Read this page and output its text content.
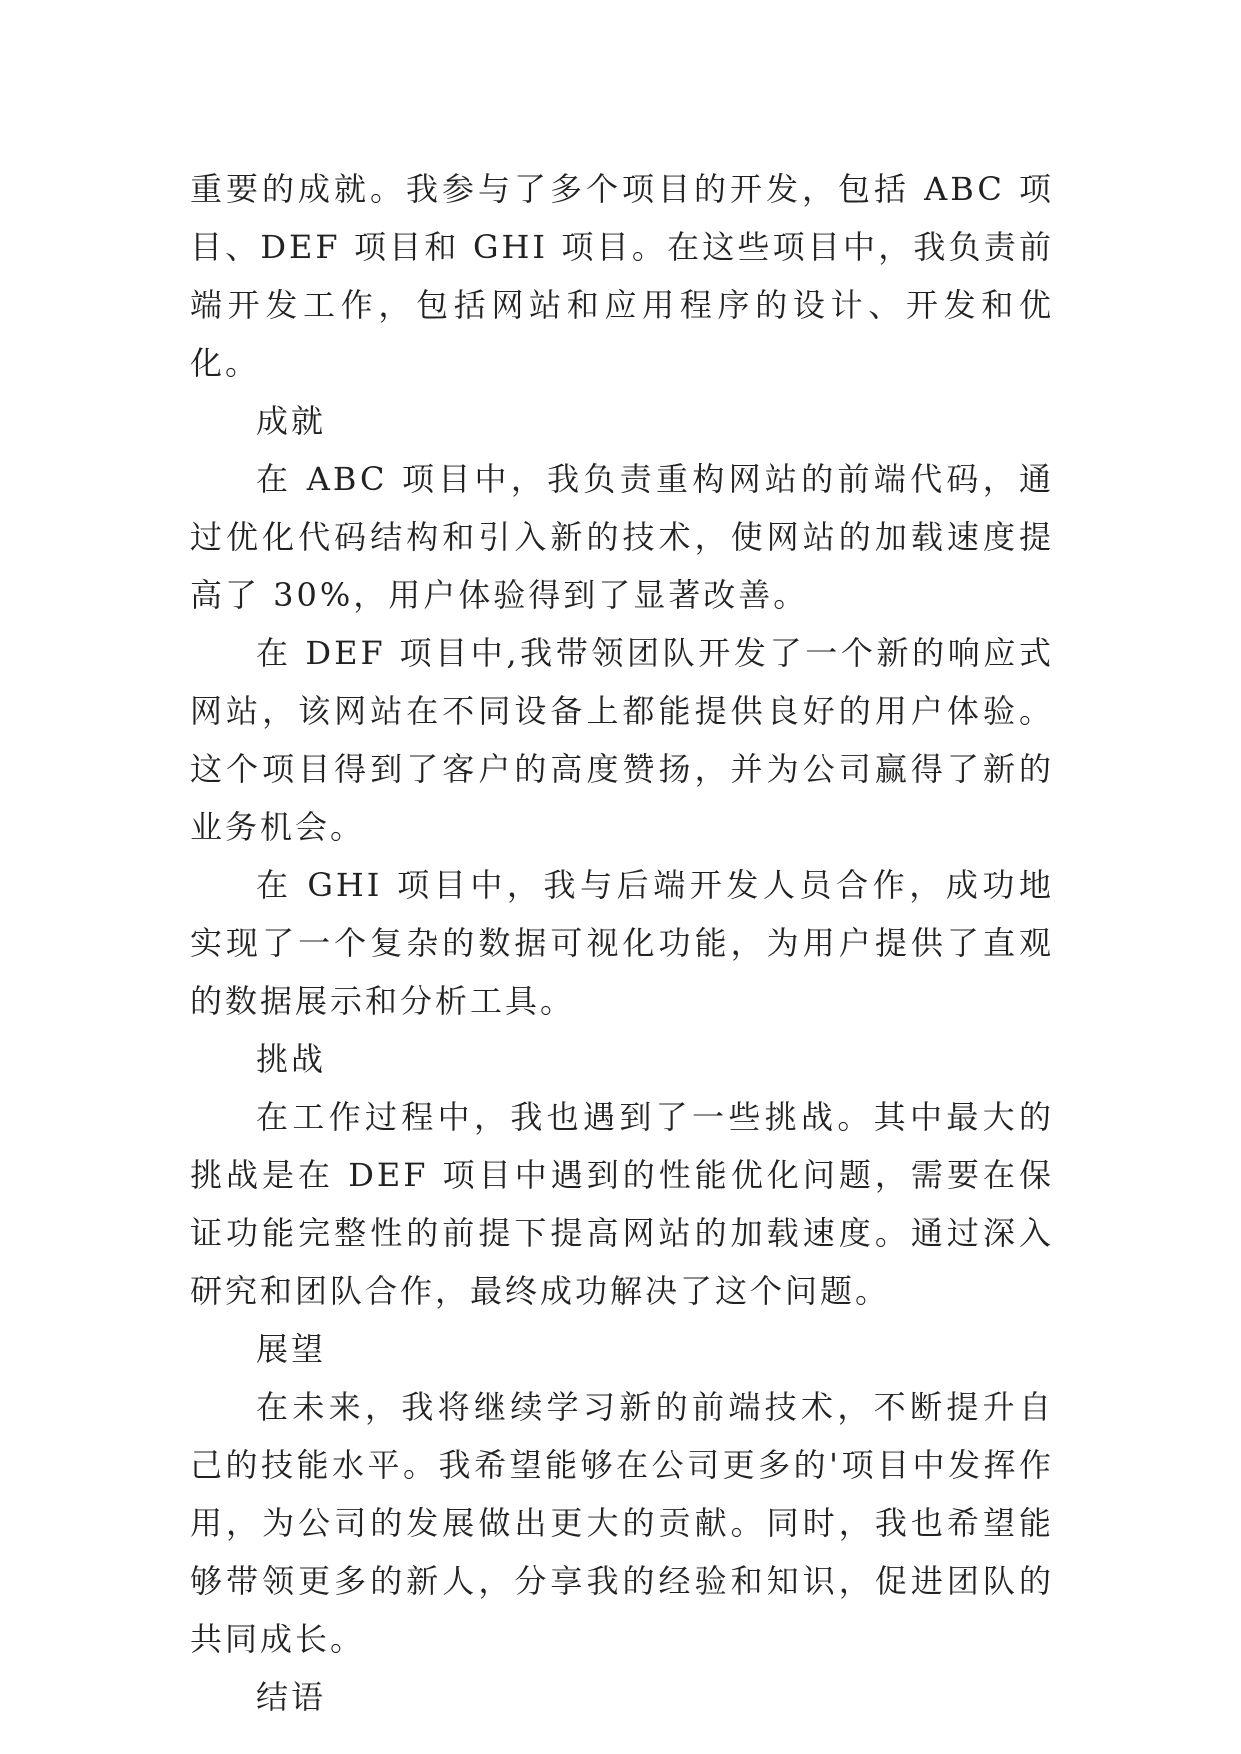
重要的成就。我参与了多个项目的开发，包括 ABC 项目、DEF 项目和 GHI 项目。在这些项目中，我负责前端开发工作，包括网站和应用程序的设计、开发和优化。

成就

在 ABC 项目中，我负责重构网站的前端代码，通过优化代码结构和引入新的技术，使网站的加载速度提高了 30%，用户体验得到了显著改善。

在 DEF 项目中,我带领团队开发了一个新的响应式网站，该网站在不同设备上都能提供良好的用户体验。这个项目得到了客户的高度赞扬，并为公司赢得了新的业务机会。

在 GHI 项目中，我与后端开发人员合作，成功地实现了一个复杂的数据可视化功能，为用户提供了直观的数据展示和分析工具。

挑战

在工作过程中，我也遇到了一些挑战。其中最大的挑战是在 DEF 项目中遇到的性能优化问题，需要在保证功能完整性的前提下提高网站的加载速度。通过深入研究和团队合作，最终成功解决了这个问题。

展望

在未来，我将继续学习新的前端技术，不断提升自己的技能水平。我希望能够在公司更多的'项目中发挥作用，为公司的发展做出更大的贡献。同时，我也希望能够带领更多的新人，分享我的经验和知识，促进团队的共同成长。

结语
